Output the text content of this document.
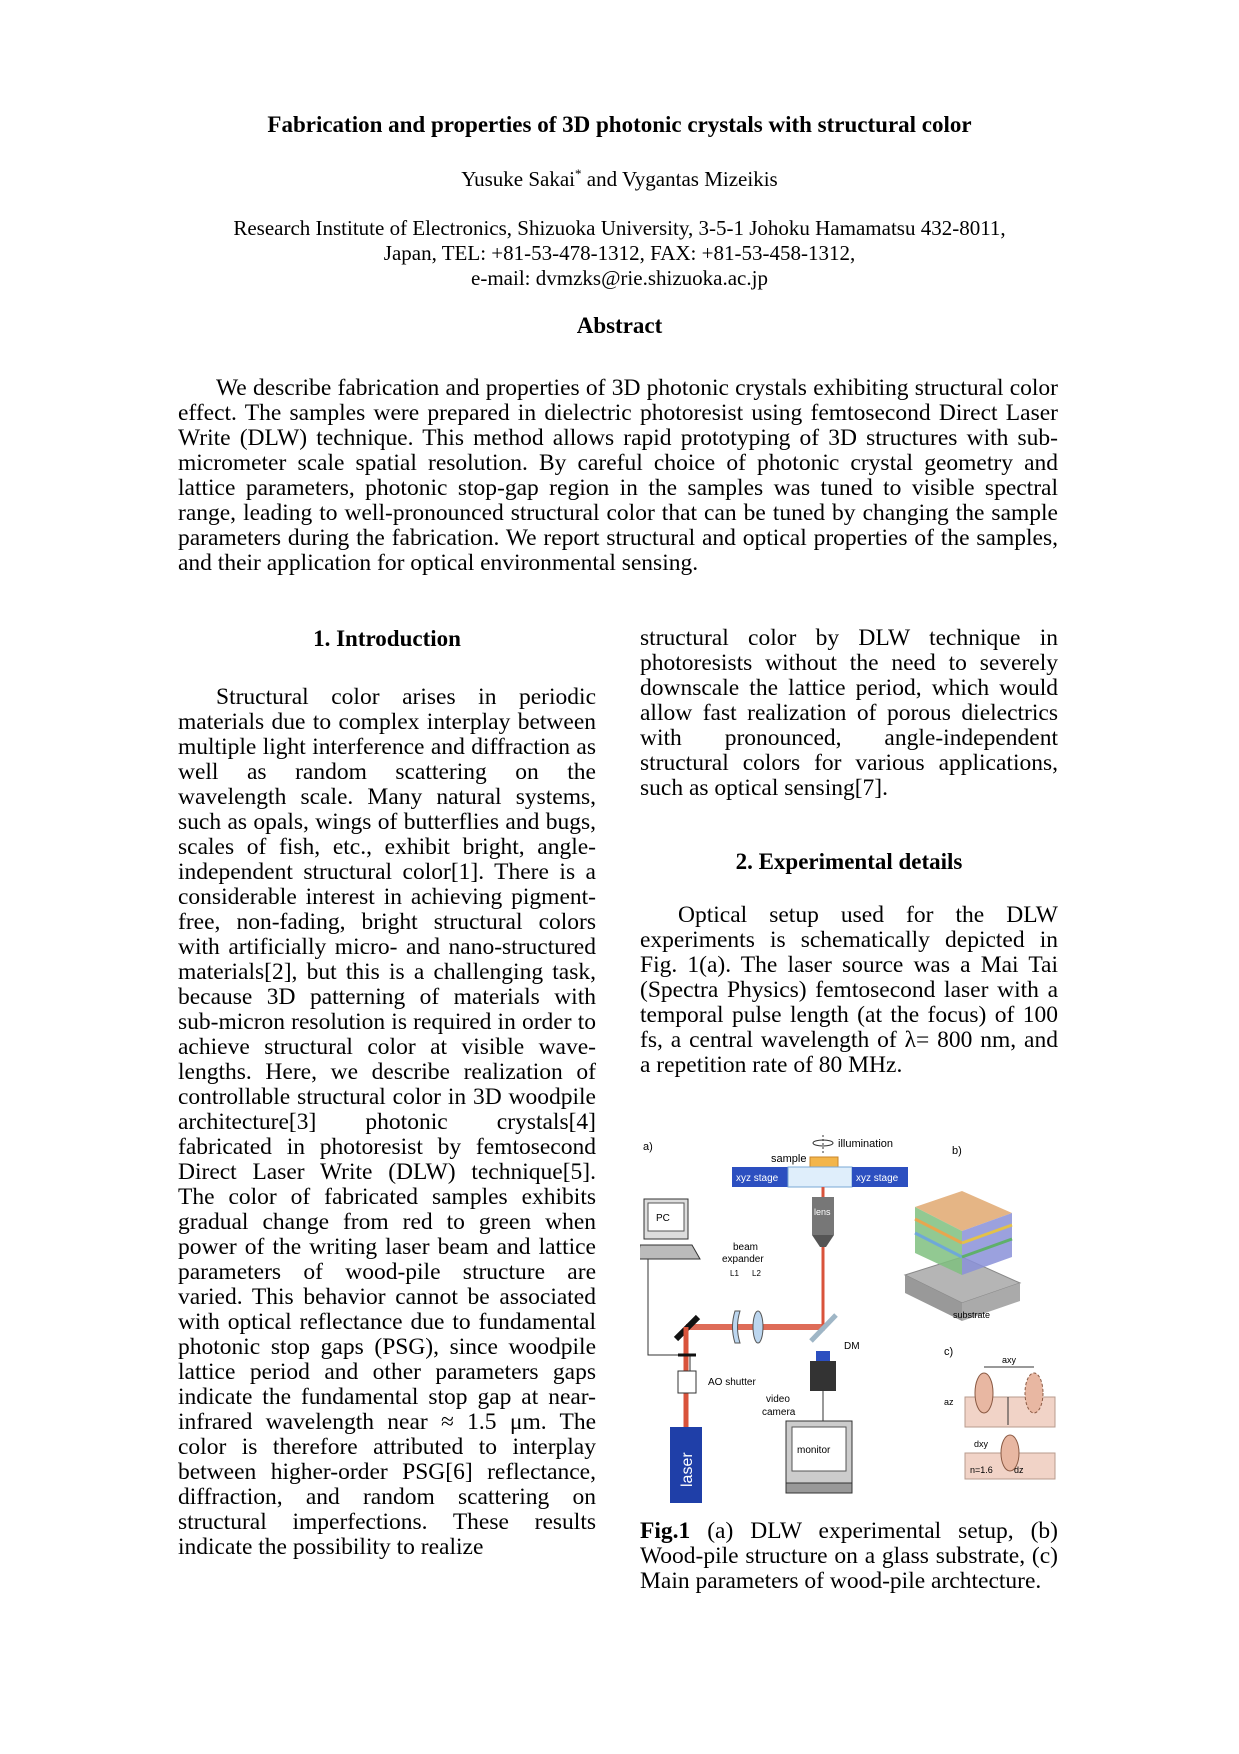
Fabrication and properties of 3D photonic crystals with structural color
Yusuke Sakai* and Vygantas Mizeikis
Research Institute of Electronics, Shizuoka University, 3-5-1 Johoku Hamamatsu 432-8011,
Japan, TEL: +81-53-478-1312, FAX: +81-53-458-1312,
e-mail: dvmzks@rie.shizuoka.ac.jp
Abstract

We describe fabrication and properties of 3D photonic crystals exhibiting structural color effect. The samples were prepared in dielectric photoresist using femtosecond Direct Laser Write (DLW) technique. This method allows rapid prototyping of 3D structures with sub-micrometer scale spatial resolution. By careful choice of photonic crystal geometry and lattice parameters, photonic stop-gap region in the samples was tuned to visible spectral range, leading to well-pronounced structural color that can be tuned by changing the sample parameters during the fabrication. We report structural and optical properties of the samples, and their application for optical environmental sensing.

1. Introduction

Structural color arises in periodic materials due to complex interplay between multiple light interference and diffraction as well as random scattering on the wavelength scale. Many natural systems, such as opals, wings of butterflies and bugs, scales of fish, etc., exhibit bright, angle-independent structural color[1]. There is a considerable interest in achieving pigment-free, non-fading, bright structural colors with artificially micro- and nano-structured materials[2], but this is a challenging task, because 3D patterning of materials with sub-micron resolution is required in order to achieve structural color at visible wave-lengths. Here, we describe realization of controllable structural color in 3D woodpile architecture[3] photonic crystals[4] fabricated in photoresist by femtosecond Direct Laser Write (DLW) technique[5]. The color of fabricated samples exhibits gradual change from red to green when power of the writing laser beam and lattice parameters of wood-pile structure are varied. This behavior cannot be associated with optical reflectance due to fundamental photonic stop gaps (PSG), since woodpile lattice period and other parameters gaps indicate the fundamental stop gap at near-infrared wavelength near ≈ 1.5 μm. The color is therefore attributed to interplay between higher-order PSG[6] reflectance, diffraction, and random scattering on structural imperfections. These results indicate the possibility to realize

structural color by DLW technique in photoresists without the need to severely downscale the lattice period, which would allow fast realization of porous dielectrics with pronounced, angle-independent structural colors for various applications, such as optical sensing[7].

2. Experimental details

Optical setup used for the DLW experiments is schematically depicted in Fig. 1(a). The laser source was a Mai Tai (Spectra Physics) femtosecond laser with a temporal pulse length (at the focus) of 100 fs, a central wavelength of λ= 800 nm, and a repetition rate of 80 MHz.

a)	b)
c)
illumination
sample
xyz stage	xyz stage
lens
PC
beam
expander
L1 L2
DM
AO shutter
laser
video
camera
monitor
substrate
axy
az
dxy
n=1.6 dz

Fig.1 (a) DLW experimental setup, (b) Wood-pile structure on a glass substrate, (c) Main parameters of wood-pile archtecture.
